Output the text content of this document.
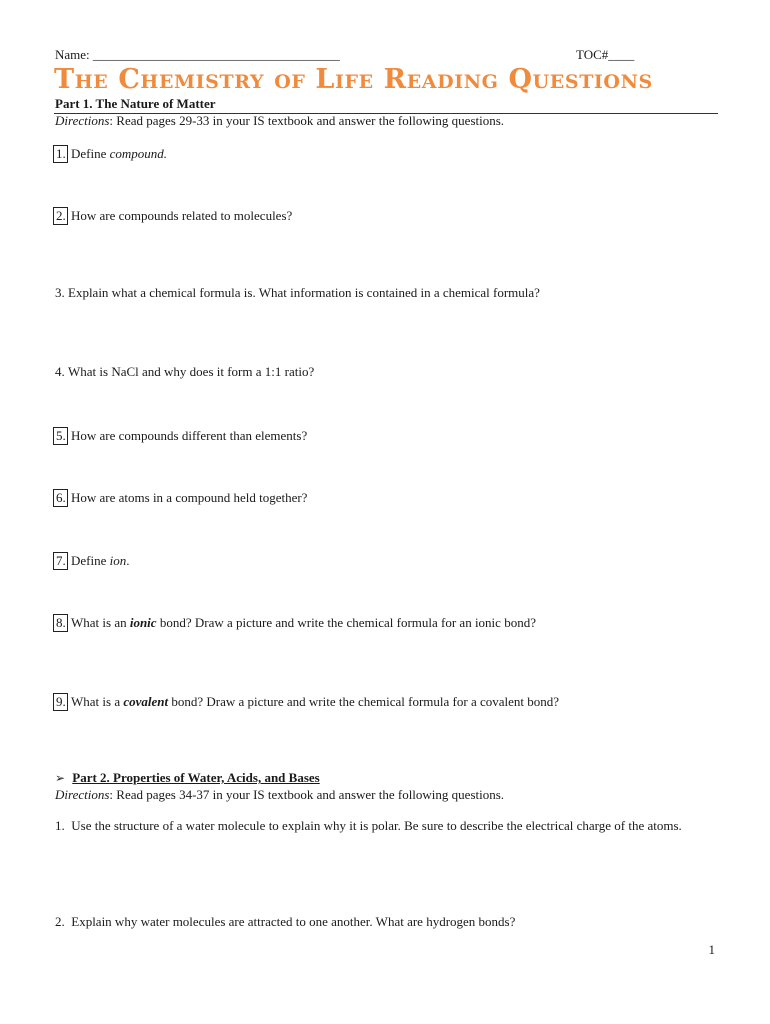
Name: ______________________________________	TOC#____
The Chemistry of Life Reading Questions
Part 1. The Nature of Matter
Directions: Read pages 29-33 in your IS textbook and answer the following questions.
1. Define compound.
2. How are compounds related to molecules?
3. Explain what a chemical formula is. What information is contained in a chemical formula?
4. What is NaCl and why does it form a 1:1 ratio?
5. How are compounds different than elements?
6. How are atoms in a compound held together?
7. Define ion.
8. What is an ionic bond? Draw a picture and write the chemical formula for an ionic bond?
9. What is a covalent bond? Draw a picture and write the chemical formula for a covalent bond?
➢ Part 2. Properties of Water, Acids, and Bases
Directions: Read pages 34-37 in your IS textbook and answer the following questions.
1. Use the structure of a water molecule to explain why it is polar. Be sure to describe the electrical charge of the atoms.
2. Explain why water molecules are attracted to one another. What are hydrogen bonds?
1
